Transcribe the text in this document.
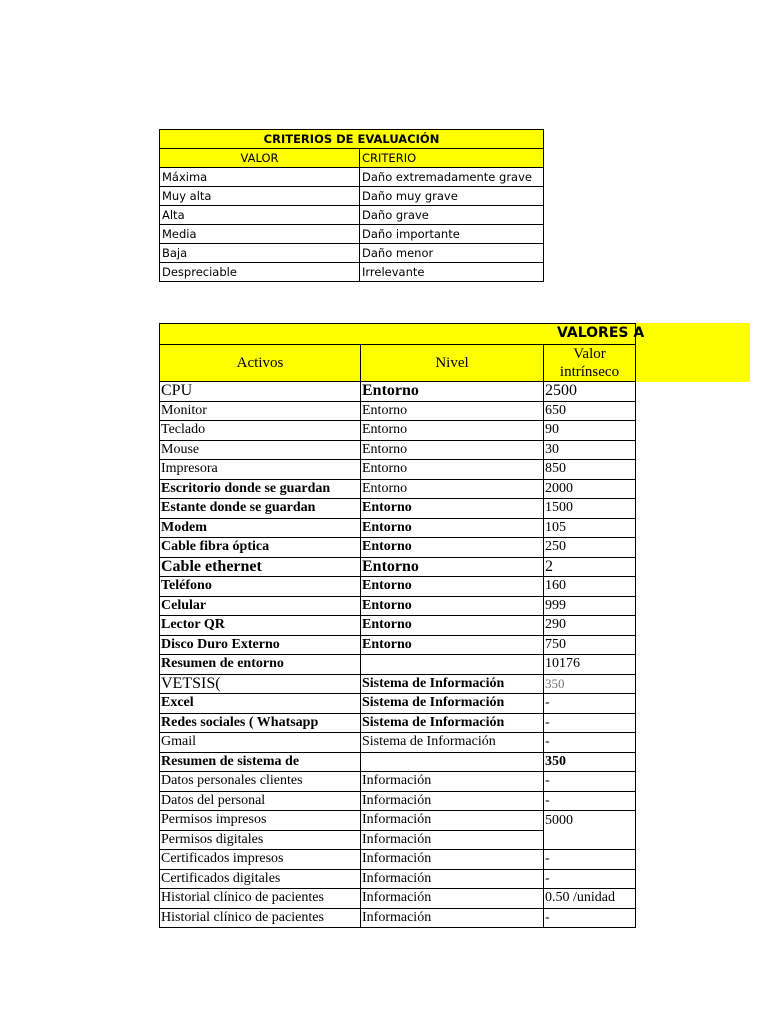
CRITERIOS DE EVALUACIÓN	
VALOR	CRITERIO
Máxima	Daño extremadamente grave
Muy alta	Daño muy grave
Alta	Daño grave
Media	Daño importante
Baja	Daño menor
Despreciable	Irrelevante
VALORES A

Activos	Nivel	Valor intrínseco
CPU	Entorno	2500
Monitor	Entorno	650
Teclado	Entorno	90
Mouse	Entorno	30
Impresora	Entorno	850
Escritorio donde se guardan	Entorno	2000
Estante donde se guardan	Entorno	1500
Modem	Entorno	105
Cable fibra óptica	Entorno	250
Cable ethernet	Entorno	2
Teléfono	Entorno	160
Celular	Entorno	999
Lector QR	Entorno	290
Disco Duro Externo	Entorno	750
Resumen de entorno		10176
VETSIS(	Sistema de Información	350
Excel	Sistema de Información	-
Redes sociales ( Whatsapp	Sistema de Información	-
Gmail	Sistema de Información	-
Resumen de sistema de		350
Datos personales clientes	Información	-
Datos del personal	Información	-
Permisos impresos	Información	5000
Permisos digitales	Información	
Certificados impresos	Información	-
Certificados digitales	Información	-
Historial clínico de pacientes	Información	0.50 /unidad
Historial clínico de pacientes	Información	-
